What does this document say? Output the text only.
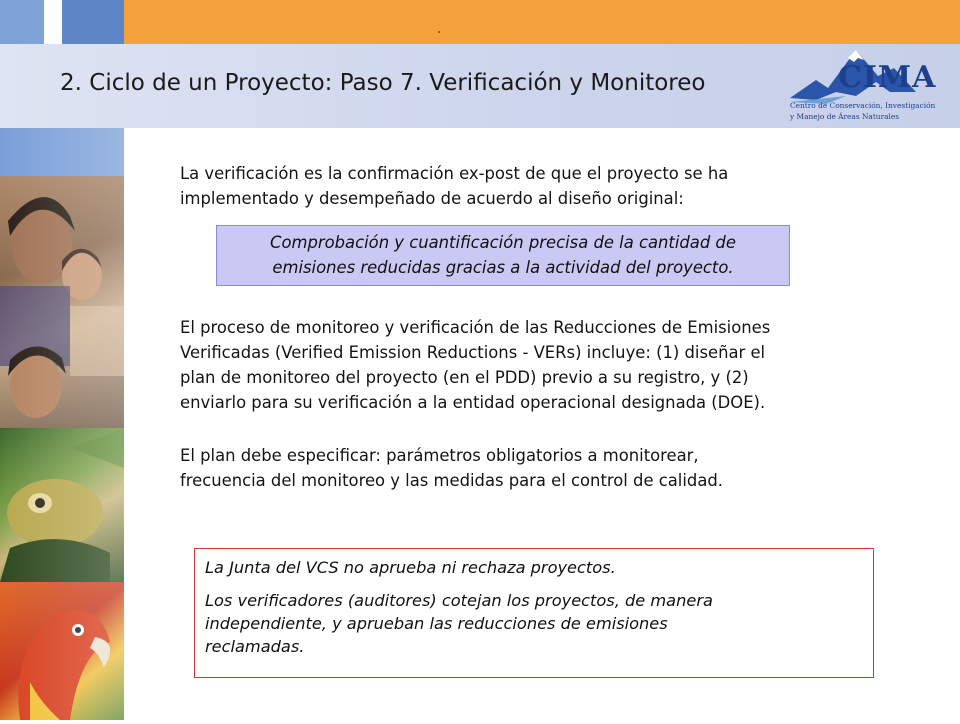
2. Ciclo de un Proyecto: Paso 7. Verificación y Monitoreo	CIMA
Centro de Conservación, Investigación
y Manejo de Áreas Naturales
La verificación es la confirmación ex-post de que el proyecto se ha
implementado y desempeñado de acuerdo al diseño original:
Comprobación y cuantificación precisa de la cantidad de
emisiones reducidas gracias a la actividad del proyecto.
El proceso de monitoreo y verificación de las Reducciones de Emisiones
Verificadas (Verified Emission Reductions - VERs) incluye: (1) diseñar el
plan de monitoreo del proyecto (en el PDD) previo a su registro, y (2)
enviarlo para su verificación a la entidad operacional designada (DOE).
El plan debe especificar: parámetros obligatorios a monitorear,
frecuencia del monitoreo y las medidas para el control de calidad.

La Junta del VCS no aprueba ni rechaza proyectos.

Los verificadores (auditores) cotejan los proyectos, de manera

independiente, y aprueban las reducciones de emisiones

reclamadas.
